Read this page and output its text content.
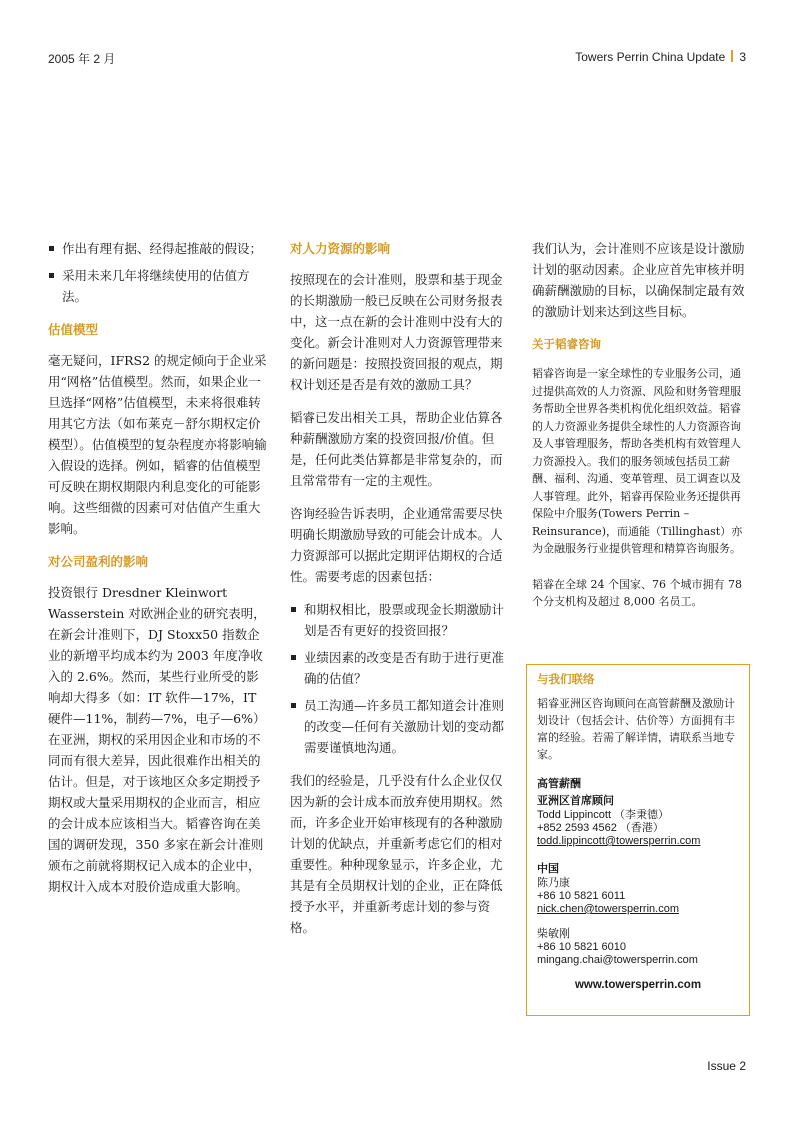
2005 年 2 月	Towers Perrin China Update 3
作出有理有据、经得起推敲的假设；
采用未来几年将继续使用的估值方法。
估值模型

毫无疑问，IFRS2 的规定倾向于企业采用“网格”估值模型。然而，如果企业一旦选择“网格”估值模型，未来将很难转用其它方法（如布莱克－舒尔期权定价模型）。估值模型的复杂程度亦将影响输入假设的选择。例如，韬睿的估值模型可反映在期权期限内利息变化的可能影响。这些细微的因素可对估值产生重大影响。

对公司盈利的影响

投资银行 Dresdner Kleinwort Wasserstein 对欧洲企业的研究表明，在新会计准则下，DJ Stoxx50 指数企业的新增平均成本约为 2003 年度净收入的 2.6%。然而，某些行业所受的影响却大得多（如：IT 软件—17%，IT 硬件—11%，制药—7%，电子—6%）在亚洲，期权的采用因企业和市场的不同而有很大差异，因此很难作出相关的估计。但是，对于该地区众多定期授予期权或大量采用期权的企业而言，相应的会计成本应该相当大。韬睿咨询在美国的调研发现，350 多家在新会计准则颁布之前就将期权记入成本的企业中，期权计入成本对股价造成重大影响。

对人力资源的影响

按照现在的会计准则，股票和基于现金的长期激励一般已反映在公司财务报表中，这一点在新的会计准则中没有大的变化。新会计准则对人力资源管理带来的新问题是：按照投资回报的观点，期权计划还是否是有效的激励工具？

韬睿已发出相关工具，帮助企业估算各种薪酬激励方案的投资回报/价值。但是，任何此类估算都是非常复杂的，而且常常带有一定的主观性。

咨询经验告诉表明，企业通常需要尽快明确长期激励导致的可能会计成本。人力资源部可以据此定期评估期权的合适性。需要考虑的因素包括：

和期权相比，股票或现金长期激励计划是否有更好的投资回报？
业绩因素的改变是否有助于进行更准确的估值？
员工沟通—许多员工都知道会计准则的改变—任何有关激励计划的变动都需要谨慎地沟通。

我们的经验是，几乎没有什么企业仅仅因为新的会计成本而放弃使用期权。然而，许多企业开始审核现有的各种激励计划的优缺点，并重新考虑它们的相对重要性。种种现象显示，许多企业，尤其是有全员期权计划的企业，正在降低授予水平，并重新考虑计划的参与资格。

我们认为，会计准则不应该是设计激励计划的驱动因素。企业应首先审核并明确薪酬激励的目标，以确保制定最有效的激励计划来达到这些目标。

关于韬睿咨询

韬睿咨询是一家全球性的专业服务公司，通过提供高效的人力资源、风险和财务管理服务帮助全世界各类机构优化组织效益。韬睿的人力资源业务提供全球性的人力资源咨询及人事管理服务，帮助各类机构有效管理人力资源投入。我们的服务领域包括员工薪酬、福利、沟通、变革管理、员工调查以及人事管理。此外，韬睿再保险业务还提供再保险中介服务(Towers Perrin – Reinsurance)，而通能（Tillinghast）亦为金融服务行业提供管理和精算咨询服务。

韬睿在全球 24 个国家、76 个城市拥有 78 个分支机构及超过 8,000 名员工。

与我们联络
韬睿亚洲区咨询顾问在高管薪酬及激励计划设计（包括会计、估价等）方面拥有丰富的经验。若需了解详情，请联系当地专家。
高管薪酬
亚洲区首席顾问
Todd Lippincott （李秉德）
+852 2593 4562 （香港）
todd.lippincott@towersperrin.com
中国
陈乃康
+86 10 5821 6011
nick.chen@towersperrin.com
柴敏刚
+86 10 5821 6010
mingang.chai@towersperrin.com
www.towersperrin.com
Issue 2
